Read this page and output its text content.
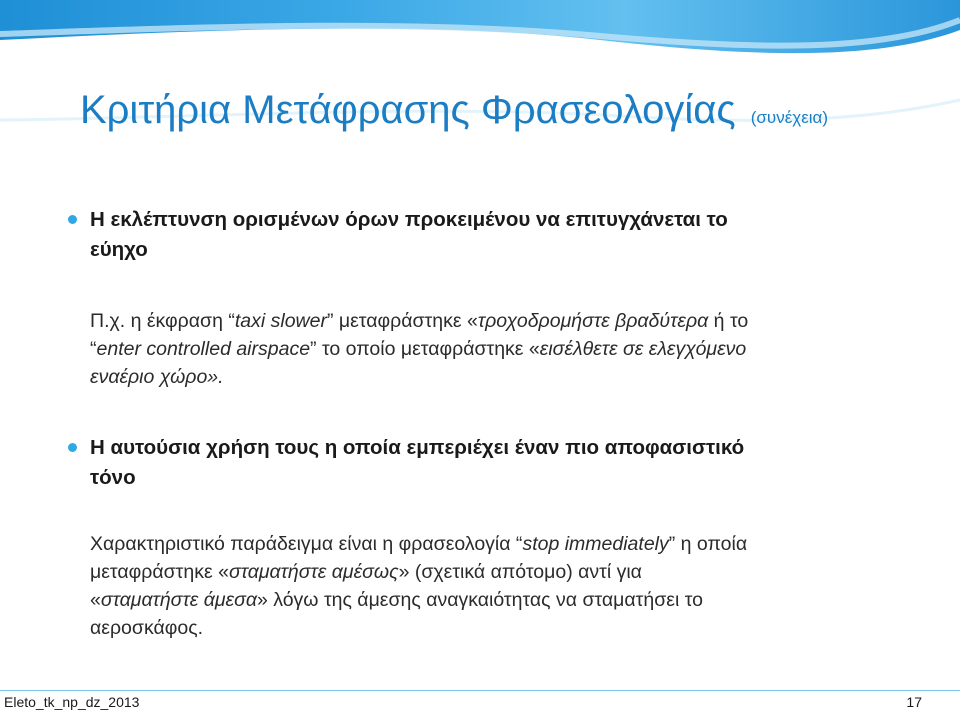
Κριτήρια Μετάφρασης Φρασεολογίας (συνέχεια)
Η εκλέπτυνση ορισμένων όρων προκειμένου να επιτυγχάνεται το
εύηχο
Π.χ. η έκφραση “taxi slower” μεταφράστηκε «τροχοδρομήστε βραδύτερα ή το
“enter controlled airspace” το οποίο μεταφράστηκε «εισέλθετε σε ελεγχόμενο
εναέριο χώρο».
Η αυτούσια χρήση τους η οποία εμπεριέχει έναν πιο αποφασιστικό
τόνο
Χαρακτηριστικό παράδειγμα είναι η φρασεολογία “stop immediately” η οποία
μεταφράστηκε «σταματήστε αμέσως» (σχετικά απότομο) αντί για
«σταματήστε άμεσα» λόγω της άμεσης αναγκαιότητας να σταματήσει το
αεροσκάφος.
Eleto_tk_np_dz_2013	17
